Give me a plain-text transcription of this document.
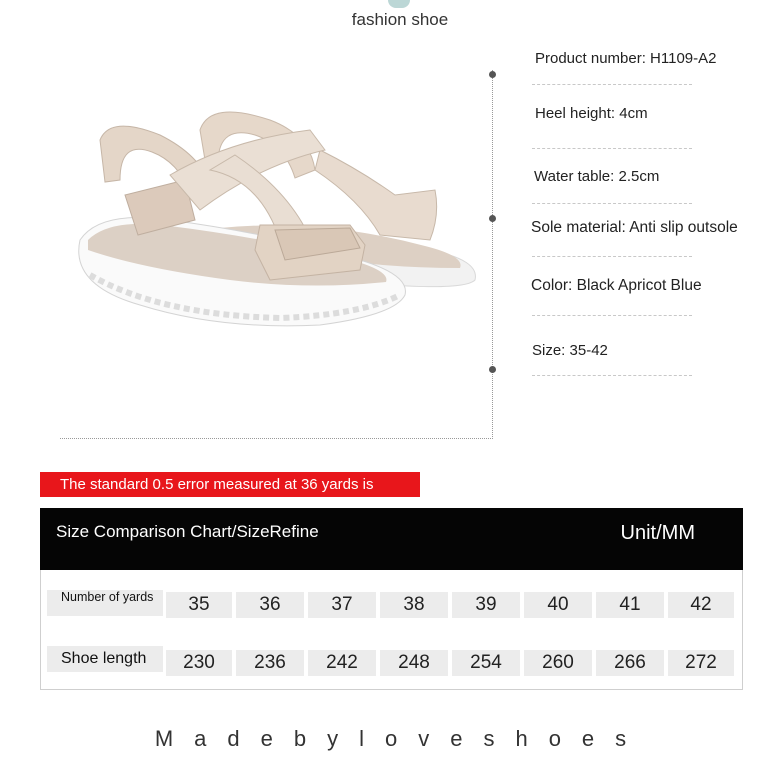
fashion shoe
Product number: H1109-A2
Heel height: 4cm
Water table: 2.5cm
Sole material: Anti slip outsole
Color: Black Apricot Blue
Size: 35-42
The standard 0.5 error measured at 36 yards is
Size Comparison Chart/SizeRefine	Unit/MM
Number of yards	35	36	37	38	39	40	41	42
Shoe length	230	236	242	248	254	260	266	272
Madebyloveshoes
